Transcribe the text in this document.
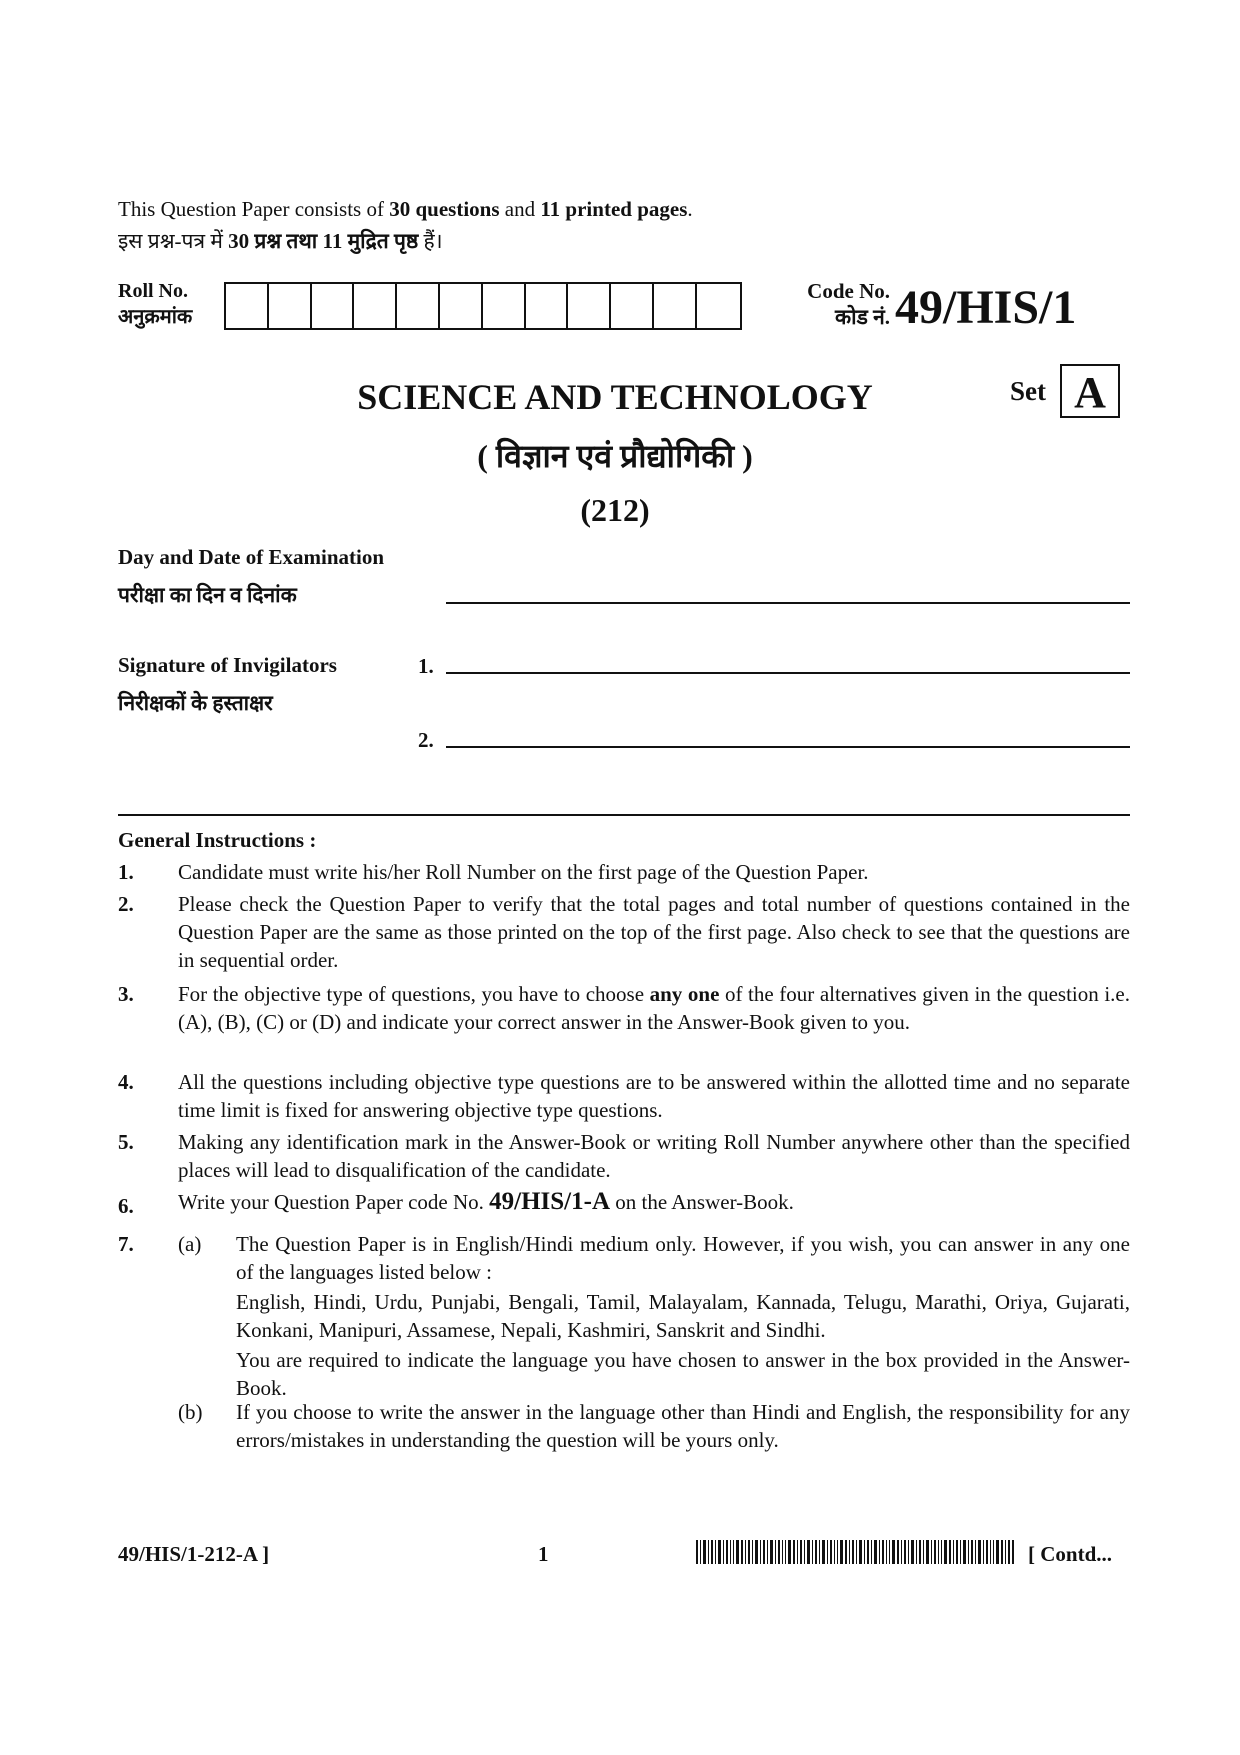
This Question Paper consists of 30 questions and 11 printed pages.
इस प्रश्न-पत्र में 30 प्रश्न तथा 11 मुद्रित पृष्ठ हैं।
Roll No.
अनुक्रमांक
Code No.
कोड नं. 49/HIS/1
SCIENCE AND TECHNOLOGY
( विज्ञान एवं प्रौद्योगिकी )
(212)
Set A
Day and Date of Examination
परीक्षा का दिन व दिनांक
Signature of Invigilators
निरीक्षकों के हस्ताक्षर
1.
2.
General Instructions :
1. Candidate must write his/her Roll Number on the first page of the Question Paper.
2. Please check the Question Paper to verify that the total pages and total number of questions contained in the Question Paper are the same as those printed on the top of the first page. Also check to see that the questions are in sequential order.
3. For the objective type of questions, you have to choose any one of the four alternatives given in the question i.e. (A), (B), (C) or (D) and indicate your correct answer in the Answer-Book given to you.
4. All the questions including objective type questions are to be answered within the allotted time and no separate time limit is fixed for answering objective type questions.
5. Making any identification mark in the Answer-Book or writing Roll Number anywhere other than the specified places will lead to disqualification of the candidate.
6. Write your Question Paper code No. 49/HIS/1-A on the Answer-Book.
7. (a) The Question Paper is in English/Hindi medium only. However, if you wish, you can answer in any one of the languages listed below :
English, Hindi, Urdu, Punjabi, Bengali, Tamil, Malayalam, Kannada, Telugu, Marathi, Oriya, Gujarati, Konkani, Manipuri, Assamese, Nepali, Kashmiri, Sanskrit and Sindhi.
You are required to indicate the language you have chosen to answer in the box provided in the Answer-Book.
(b) If you choose to write the answer in the language other than Hindi and English, the responsibility for any errors/mistakes in understanding the question will be yours only.
49/HIS/1-212-A ]	1	[ Contd...
